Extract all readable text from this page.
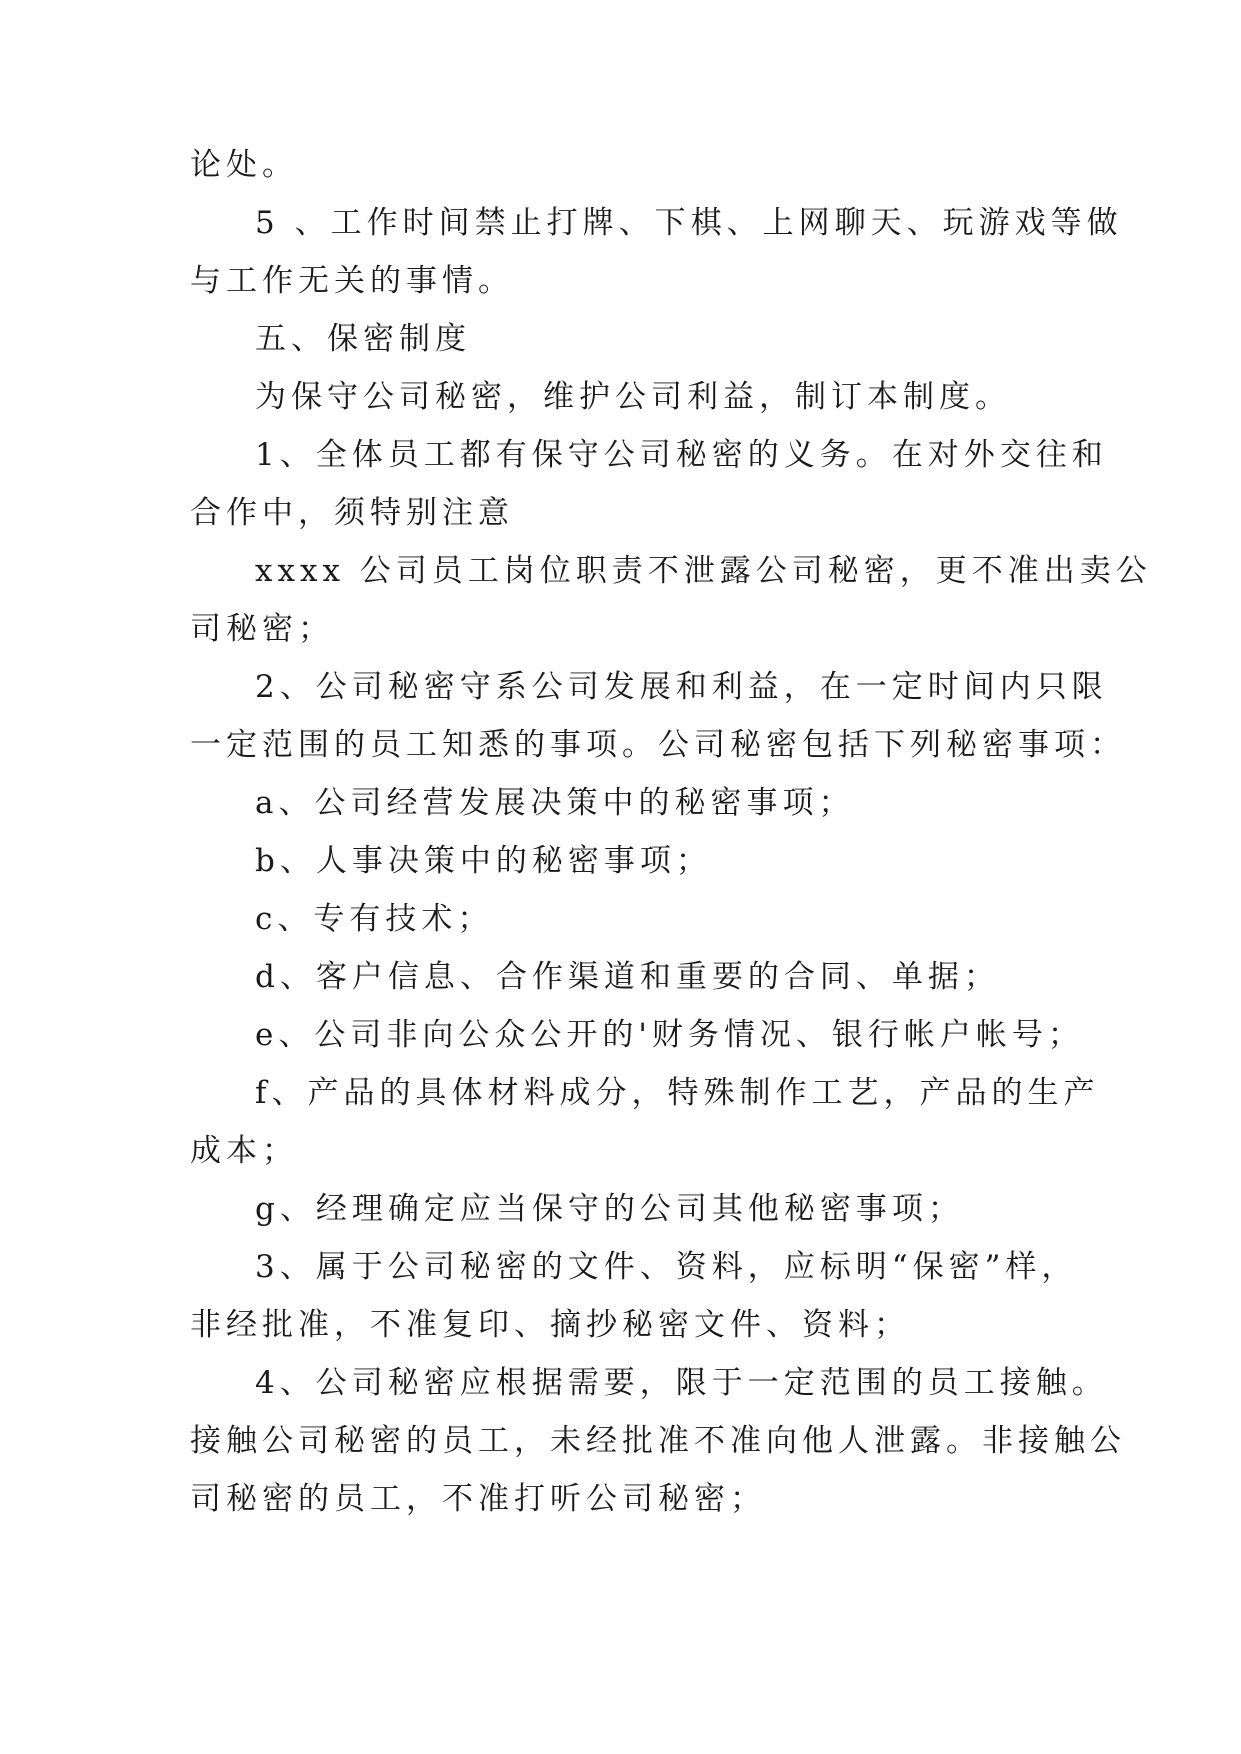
论处。
5 、工作时间禁止打牌、下棋、上网聊天、玩游戏等做
与工作无关的事情。
五、保密制度
为保守公司秘密，维护公司利益，制订本制度。
1、全体员工都有保守公司秘密的义务。在对外交往和
合作中，须特别注意
xxxx 公司员工岗位职责不泄露公司秘密，更不准出卖公
司秘密；
2、公司秘密守系公司发展和利益，在一定时间内只限
一定范围的员工知悉的事项。公司秘密包括下列秘密事项：
a、公司经营发展决策中的秘密事项；
b、人事决策中的秘密事项；
c、专有技术；
d、客户信息、合作渠道和重要的合同、单据；
e、公司非向公众公开的'财务情况、银行帐户帐号；
f、产品的具体材料成分，特殊制作工艺，产品的生产
成本；
g、经理确定应当保守的公司其他秘密事项；
3、属于公司秘密的文件、资料，应标明“保密”样，
非经批准，不准复印、摘抄秘密文件、资料；
4、公司秘密应根据需要，限于一定范围的员工接触。
接触公司秘密的员工，未经批准不准向他人泄露。非接触公
司秘密的员工，不准打听公司秘密；
